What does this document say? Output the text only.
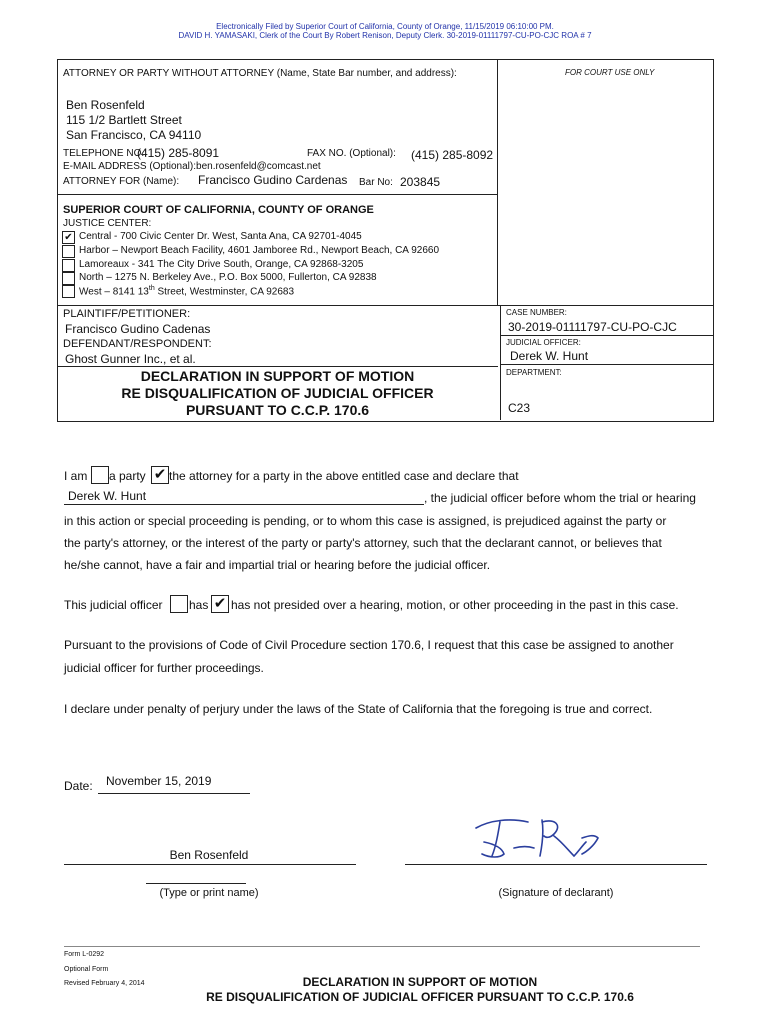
Electronically Filed by Superior Court of California, County of Orange, 11/15/2019 06:10:00 PM.
DAVID H. YAMASAKI, Clerk of the Court By Robert Renison, Deputy Clerk. 30-2019-01111797-CU-PO-CJC ROA # 7
ATTORNEY OR PARTY WITHOUT ATTORNEY (Name, State Bar number, and address):
Ben Rosenfeld
115 1/2 Bartlett Street
San Francisco, CA 94110
TELEPHONE NO.:
(415) 285-8091	FAX NO. (Optional): (415) 285-8092
E-MAIL ADDRESS (Optional):ben.rosenfeld@comcast.net
ATTORNEY FOR (Name): Francisco Gudino Cardenas Bar No: 203845
FOR COURT USE ONLY
SUPERIOR COURT OF CALIFORNIA, COUNTY OF ORANGE
JUSTICE CENTER:
✔ Central - 700 Civic Center Dr. West, Santa Ana, CA 92701-4045
Harbor – Newport Beach Facility, 4601 Jamboree Rd., Newport Beach, CA 92660
Lamoreaux - 341 The City Drive South, Orange, CA 92868-3205
North – 1275 N. Berkeley Ave., P.O. Box 5000, Fullerton, CA 92838
West – 8141 13th Street, Westminster, CA 92683
PLAINTIFF/PETITIONER:
Francisco Gudino Cadenas
DEFENDANT/RESPONDENT:
Ghost Gunner Inc., et al.
CASE NUMBER:
30-2019-01111797-CU-PO-CJC
JUDICIAL OFFICER:
Derek W. Hunt
DEPARTMENT:
C23
DECLARATION IN SUPPORT OF MOTION
RE DISQUALIFICATION OF JUDICIAL OFFICER
PURSUANT TO C.C.P. 170.6
I am a party ✔ the attorney for a party in the above entitled case and declare that
Derek W. Hunt	, the judicial officer before whom the trial or hearing
in this action or special proceeding is pending, or to whom this case is assigned, is prejudiced against the party or
the party's attorney, or the interest of the party or party's attorney, such that the declarant cannot, or believes that
he/she cannot, have a fair and impartial trial or hearing before the judicial officer.
This judicial officer has ✔ has not presided over a hearing, motion, or other proceeding in the past in this case.
Pursuant to the provisions of Code of Civil Procedure section 170.6, I request that this case be assigned to another
judicial officer for further proceedings.
I declare under penalty of perjury under the laws of the State of California that the foregoing is true and correct.
Date: November 15, 2019
Ben Rosenfeld
(Type or print name)	(Signature of declarant)
Form L-0292
Optional Form
Revised February 4, 2014	DECLARATION IN SUPPORT OF MOTION
RE DISQUALIFICATION OF JUDICIAL OFFICER PURSUANT TO C.C.P. 170.6
